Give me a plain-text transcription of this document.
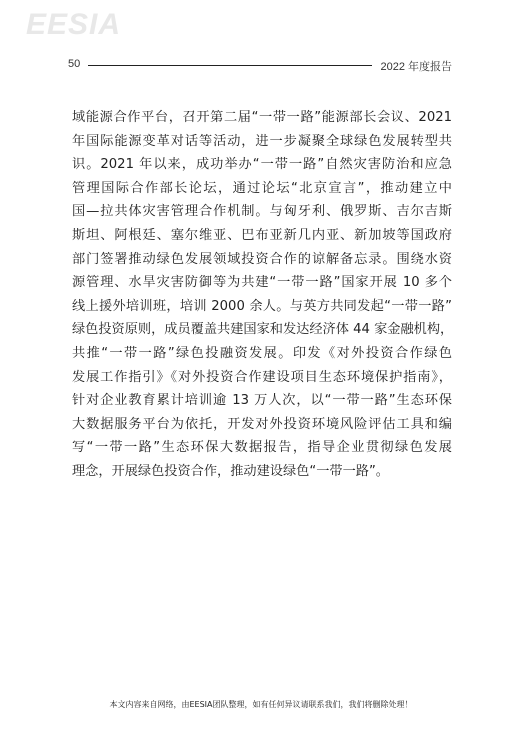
EESIA
50	2022 年度报告
域能源合作平台，召开第二届“一带一路”能源部长会议、2021
年国际能源变革对话等活动，进一步凝聚全球绿色发展转型共
识。2021 年以来，成功举办“一带一路”自然灾害防治和应急
管理国际合作部长论坛，通过论坛“北京宣言”，推动建立中
国—拉共体灾害管理合作机制。与匈牙利、俄罗斯、吉尔吉斯
斯坦、阿根廷、塞尔维亚、巴布亚新几内亚、新加坡等国政府
部门签署推动绿色发展领域投资合作的谅解备忘录。围绕水资
源管理、水旱灾害防御等为共建“一带一路”国家开展 10 多个
线上援外培训班，培训 2000 余人。与英方共同发起“一带一路”
绿色投资原则，成员覆盖共建国家和发达经济体 44 家金融机构，
共推“一带一路”绿色投融资发展。印发《对外投资合作绿色
发展工作指引》《对外投资合作建设项目生态环境保护指南》，
针对企业教育累计培训逾 13 万人次，以“一带一路”生态环保
大数据服务平台为依托，开发对外投资环境风险评估工具和编
写“一带一路”生态环保大数据报告，指导企业贯彻绿色发展
理念，开展绿色投资合作，推动建设绿色“一带一路”。
本文内容来自网络，由EESIA团队整理，如有任何异议请联系我们，我们将删除处理！
